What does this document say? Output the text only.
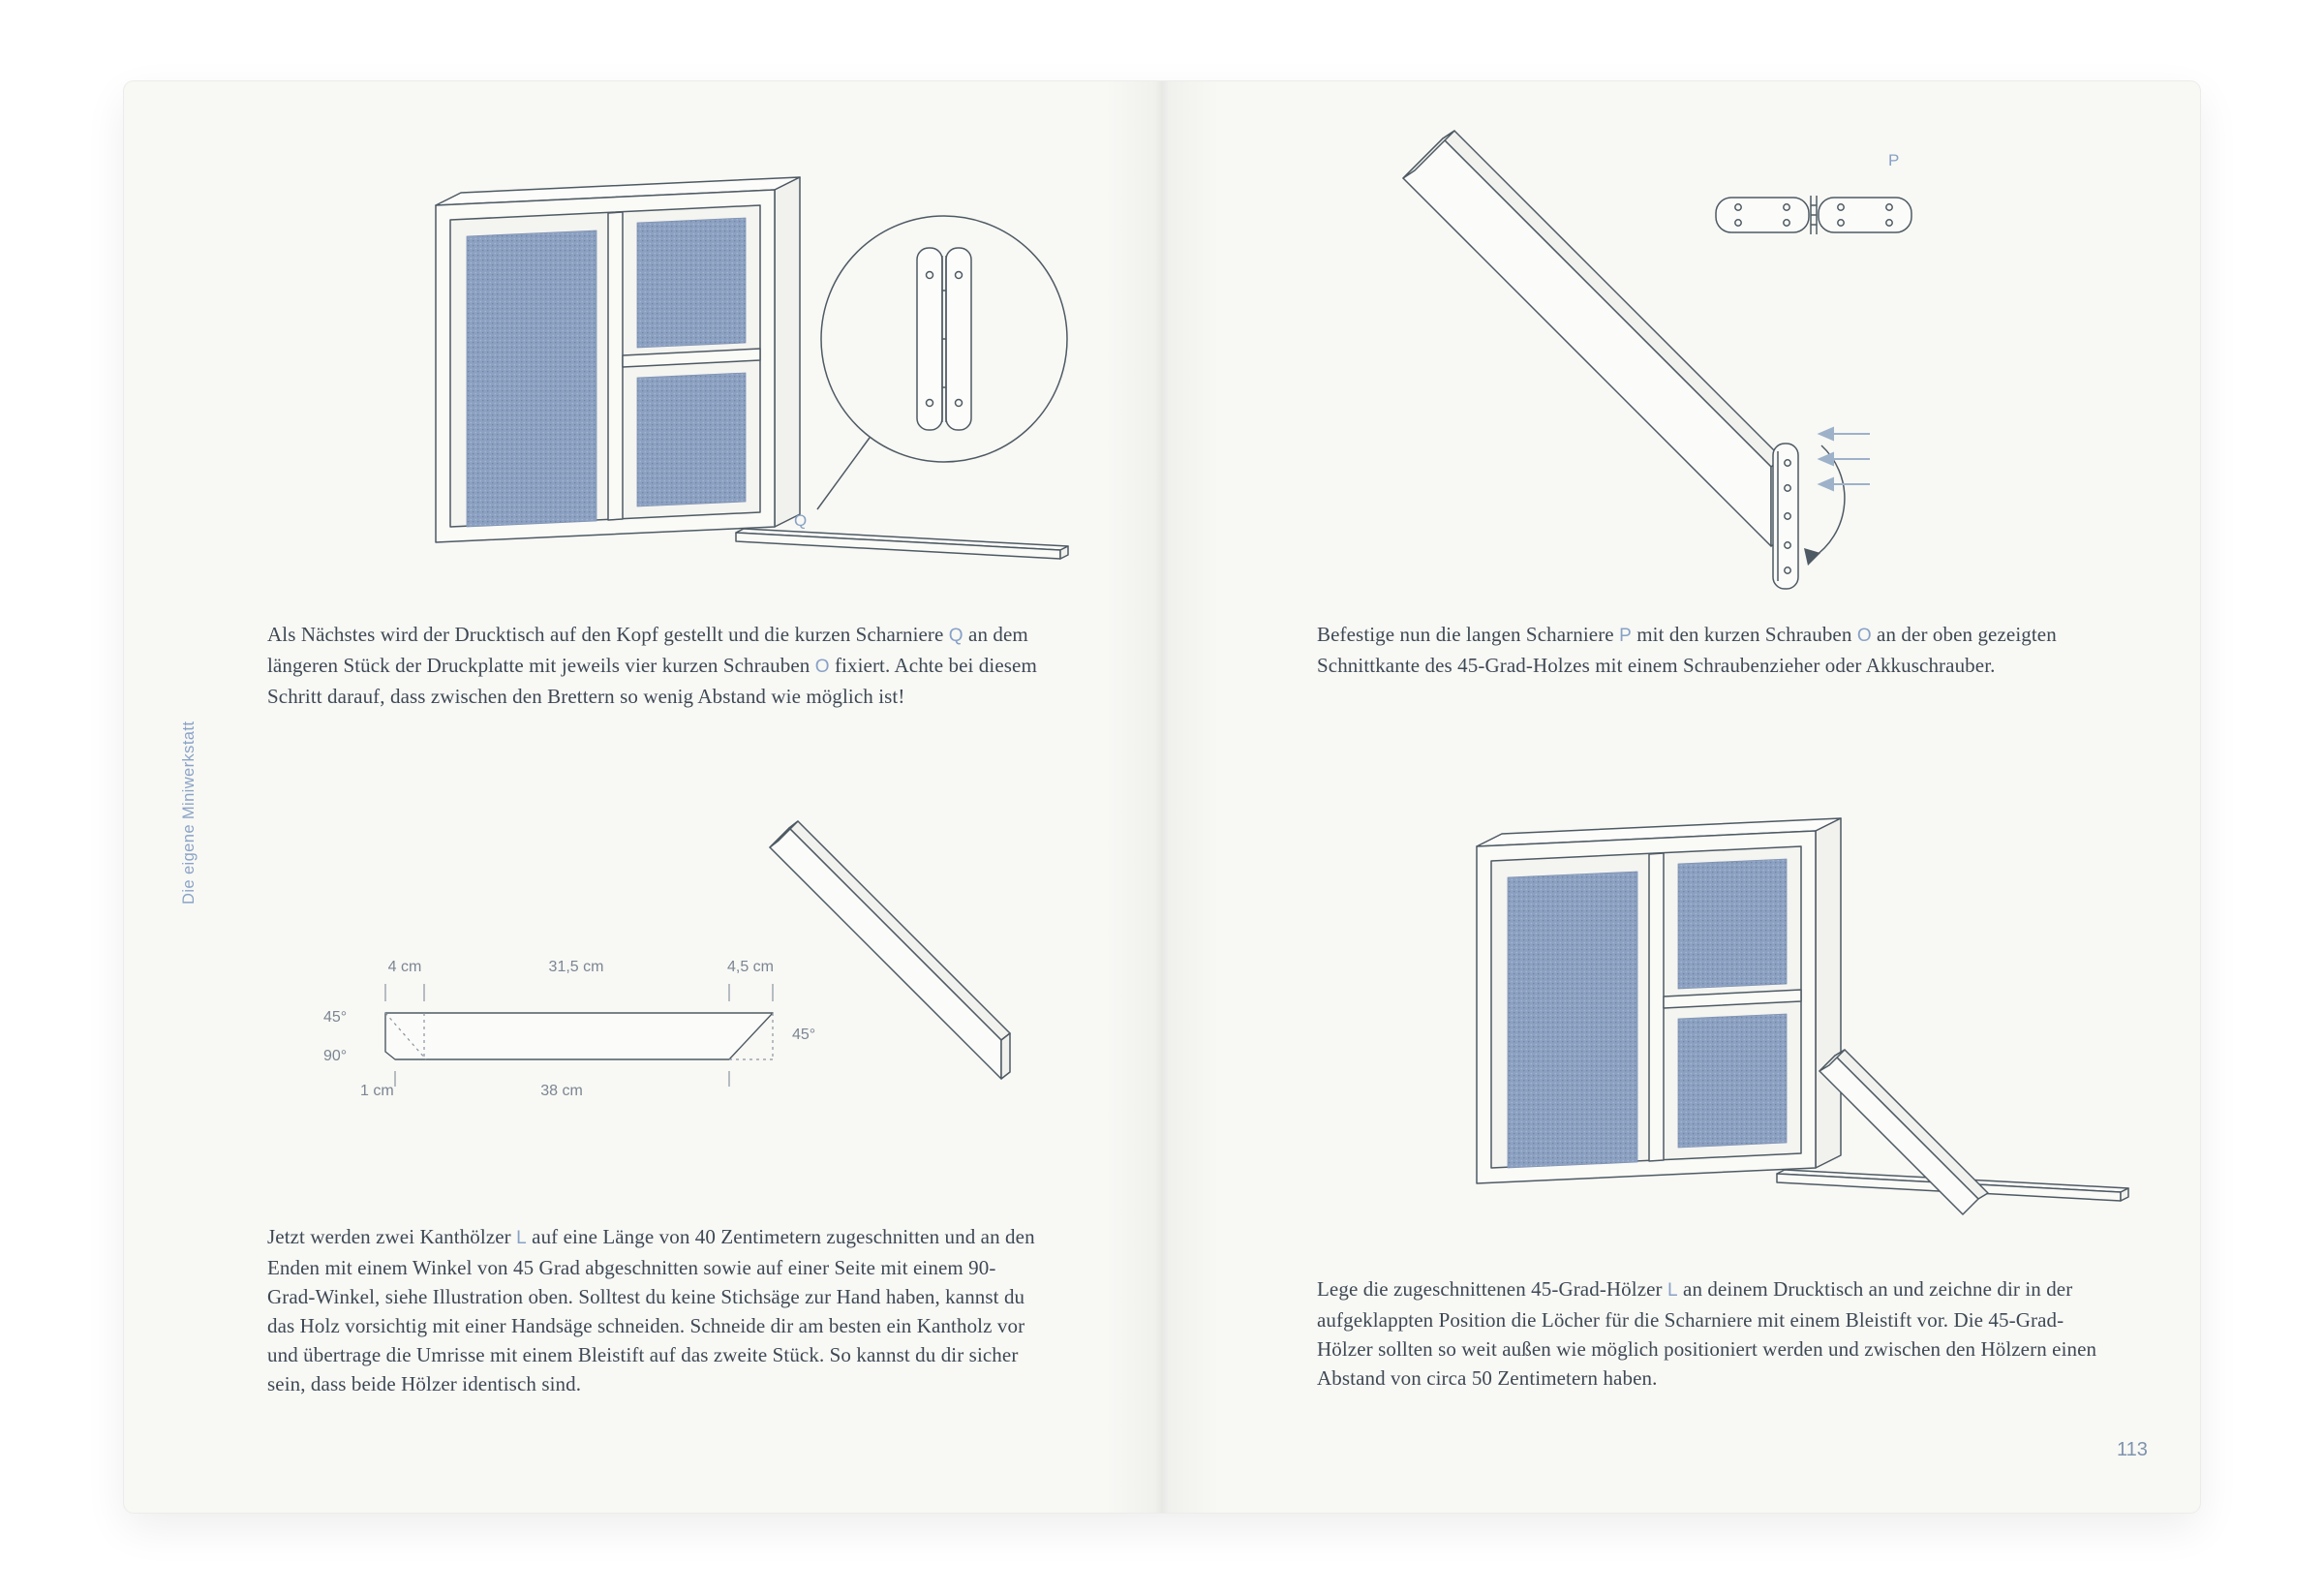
Q

Als Nächstes wird der Drucktisch auf den Kopf gestellt und die kurzen Scharniere Q an dem längeren Stück der Druckplatte mit jeweils vier kurzen Schrauben O fixiert. Achte bei diesem Schritt darauf, dass zwischen den Brettern so wenig Abstand wie möglich ist!

Die eigene Miniwerkstatt
4 cm	31,5 cm	4,5 cm
45°
90°
45°
1 cm	38 cm

Jetzt werden zwei Kanthölzer L auf eine Länge von 40 Zentimetern zugeschnitten und an den Enden mit einem Winkel von 45 Grad abgeschnitten sowie auf einer Seite mit einem 90-Grad-Winkel, siehe Illustration oben. Solltest du keine Stichsäge zur Hand haben, kannst du das Holz vorsichtig mit einer Handsäge schneiden. Schneide dir am besten ein Kantholz vor und übertrage die Umrisse mit einem Bleistift auf das zweite Stück. So kannst du dir sicher sein, dass beide Hölzer identisch sind.

P

Befestige nun die langen Scharniere P mit den kurzen Schrauben O an der oben gezeigten Schnittkante des 45-Grad-Holzes mit einem Schraubenzieher oder Akkuschrauber.

Lege die zugeschnittenen 45-Grad-Hölzer L an deinem Drucktisch an und zeichne dir in der aufgeklappten Position die Löcher für die Scharniere mit einem Bleistift vor. Die 45-Grad-Hölzer sollten so weit außen wie möglich positioniert werden und zwischen den Hölzern einen Abstand von circa 50 Zentimetern haben.

113
